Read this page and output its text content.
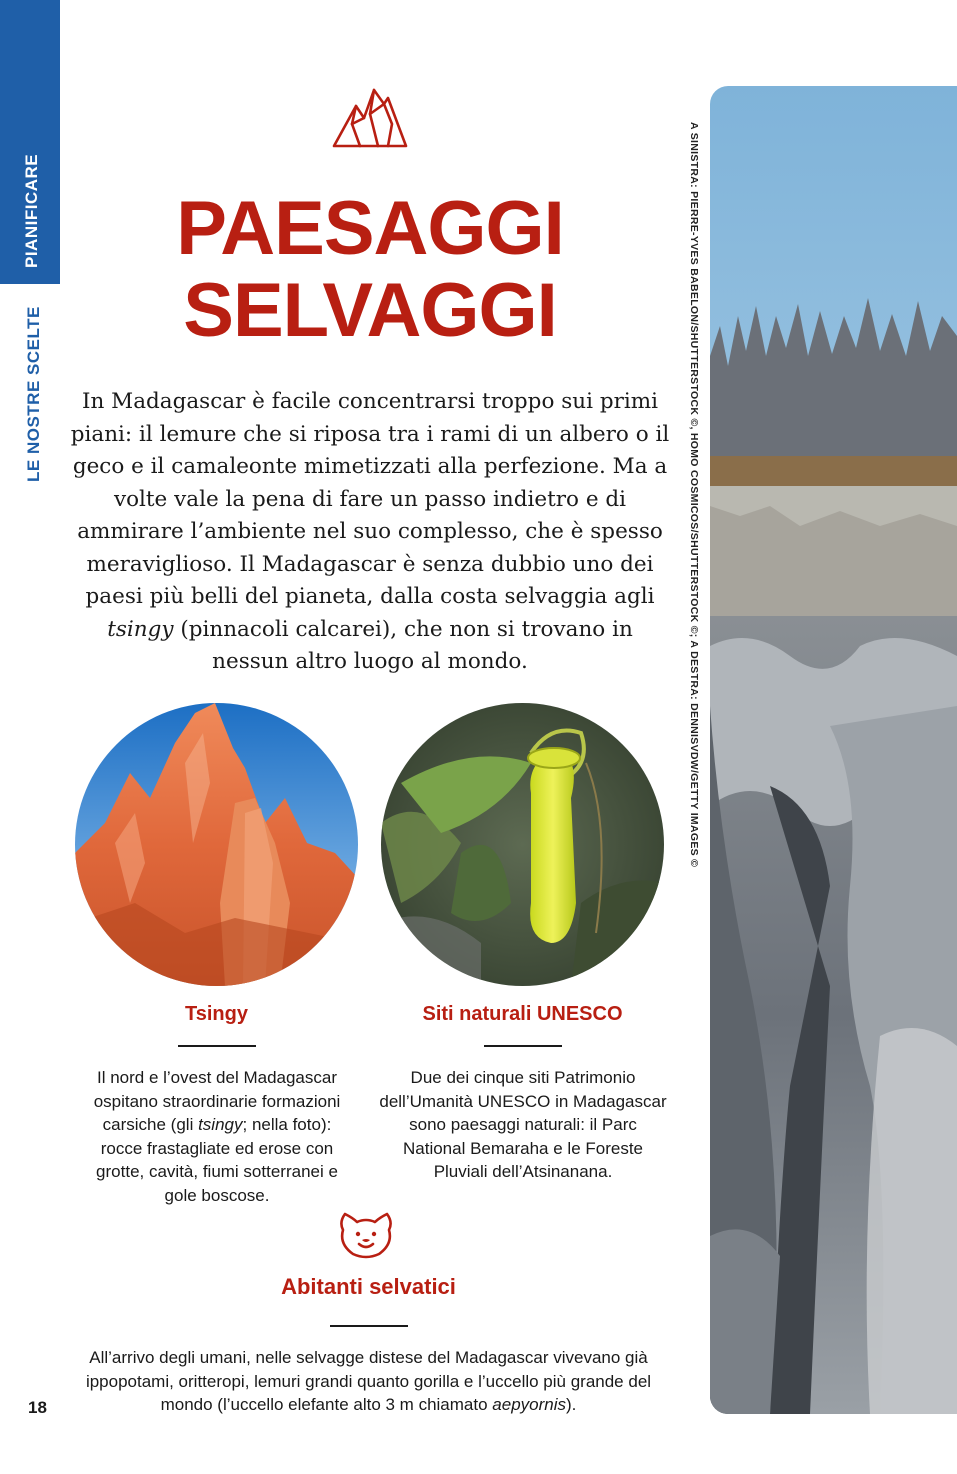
PIANIFICARE
LE NOSTRE SCELTE
PAESAGGI
SELVAGGI

In Madagascar è facile concentrarsi troppo sui primi piani: il lemure che si riposa tra i rami di un albero o il geco e il camaleonte mimetizzati alla perfezione. Ma a volte vale la pena di fare un passo indietro e di ammirare l’ambiente nel suo complesso, che è spesso meraviglioso. Il Madagascar è senza dubbio uno dei paesi più belli del pianeta, dalla costa selvaggia agli tsingy (pinnacoli calcarei), che non si trovano in nessun altro luogo al mondo.

Tsingy
Il nord e l’ovest del Madagascar ospitano straordinarie formazioni carsiche (gli tsingy; nella foto): rocce frastagliate ed erose con grotte, cavità, fiumi sotterranei e gole boscose.
Siti naturali UNESCO
Due dei cinque siti Patrimonio dell’Umanità UNESCO in Madagascar sono paesaggi naturali: il Parc National Bemaraha e le Foreste Pluviali dell’Atsinanana.
Abitanti selvatici
All’arrivo degli umani, nelle selvagge distese del Madagascar vivevano già ippopotami, oritteropi, lemuri grandi quanto gorilla e l’uccello più grande del mondo (l’uccello elefante alto 3 m chiamato aepyornis).
18
A SINISTRA: PIERRE-YVES BABELON/SHUTTERSTOCK ©, HOMO COSMICOS/SHUTTERSTOCK ©; A DESTRA: DENNISVDW/GETTY IMAGES ©
